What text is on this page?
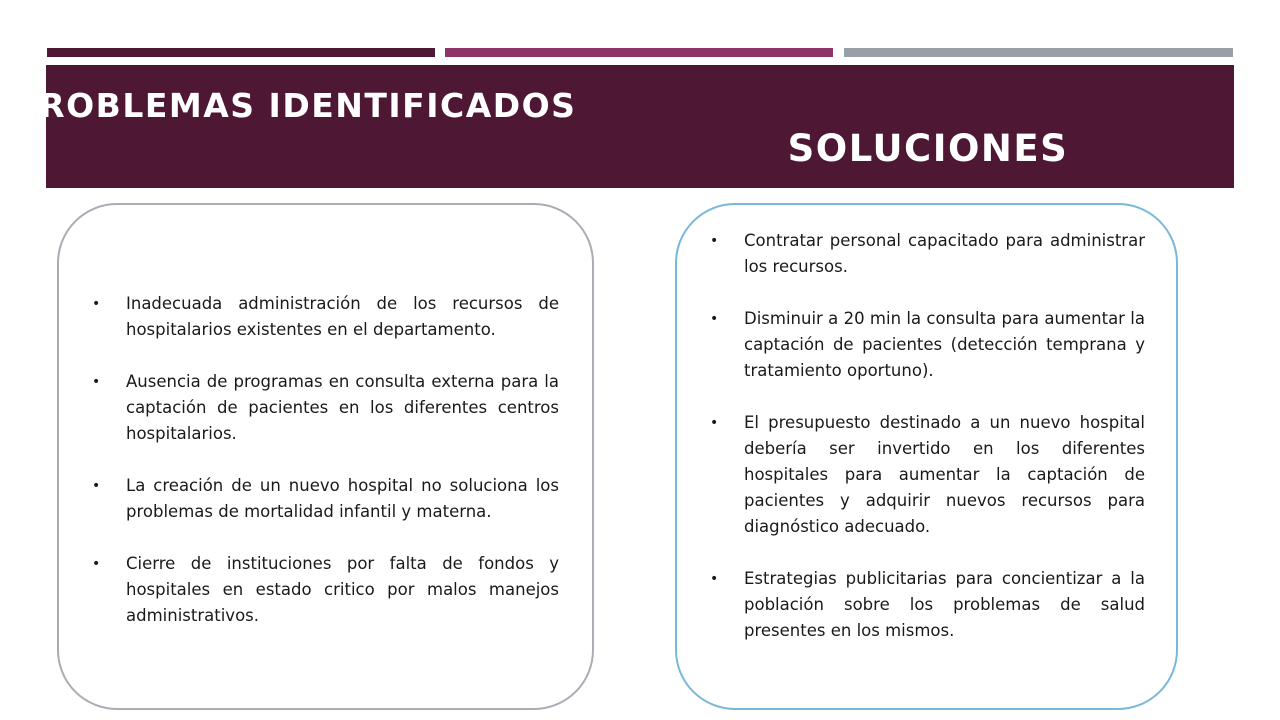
PROBLEMAS IDENTIFICADOS
SOLUCIONES
• Inadecuada administración de los recursos de hospitalarios existentes en el departamento.
• Ausencia de programas en consulta externa para la captación de pacientes en los diferentes centros hospitalarios.
• La creación de un nuevo hospital no soluciona los problemas de mortalidad infantil y materna.
• Cierre de instituciones por falta de fondos y hospitales en estado critico por malos manejos administrativos.
• Contratar personal capacitado para administrar los recursos.
• Disminuir a 20 min la consulta para aumentar la captación de pacientes (detección temprana y tratamiento oportuno).
• El presupuesto destinado a un nuevo hospital debería ser invertido en los diferentes hospitales para aumentar la captación de pacientes y adquirir nuevos recursos para diagnóstico adecuado.
• Estrategias publicitarias para concientizar a la población sobre los problemas de salud presentes en los mismos.
